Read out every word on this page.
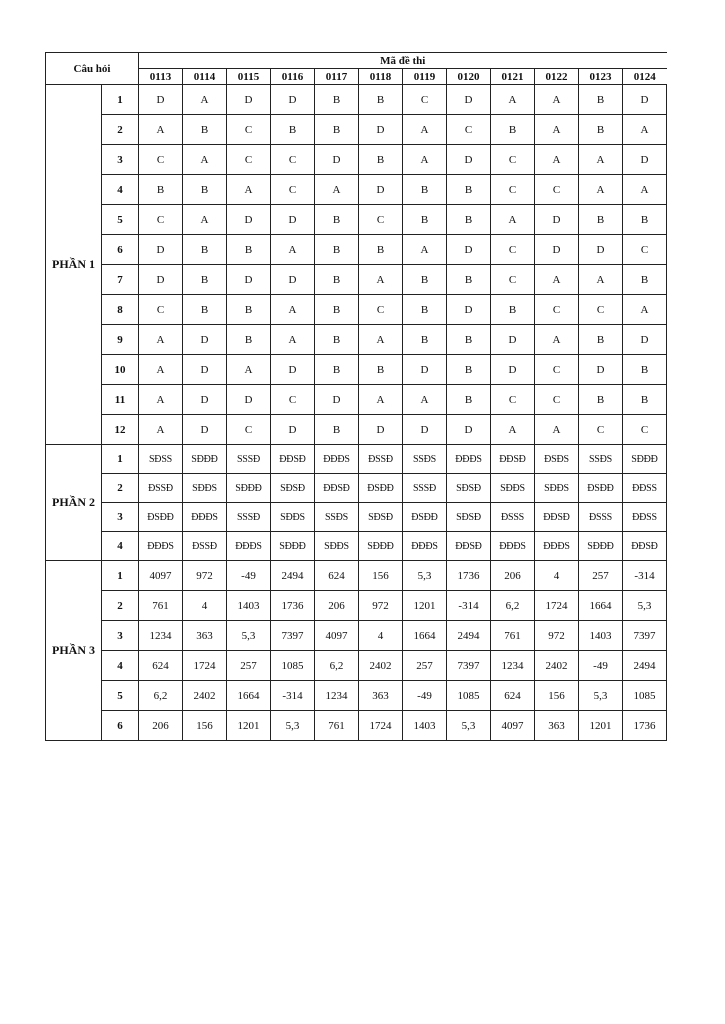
Câu hỏi		Mã đề thi											
		0113	0114	0115	0116	0117	0118	0119	0120	0121	0122	0123	0124
PHẦN 1	1	D	A	D	D	B	B	C	D	A	A	B	D
	2	A	B	C	B	B	D	A	C	B	A	B	A
	3	C	A	C	C	D	B	A	D	C	A	A	D
	4	B	B	A	C	A	D	B	B	C	C	A	A
	5	C	A	D	D	B	C	B	B	A	D	B	B
	6	D	B	B	A	B	B	A	D	C	D	D	C
	7	D	B	D	D	B	A	B	B	C	A	A	B
	8	C	B	B	A	B	C	B	D	B	C	C	A
	9	A	D	B	A	B	A	B	B	D	A	B	D
	10	A	D	A	D	B	B	D	B	D	C	D	B
	11	A	D	D	C	D	A	A	B	C	C	B	B
	12	A	D	C	D	B	D	D	D	A	A	C	C
PHẦN 2	1	SĐSS	SĐĐĐ	SSSĐ	ĐĐSĐ	ĐĐĐS	ĐSSĐ	SSĐS	ĐĐĐS	ĐĐSĐ	ĐSĐS	SSĐS	SĐĐĐ
	2	ĐSSĐ	SĐĐS	SĐĐĐ	SĐSĐ	ĐĐSĐ	ĐSĐĐ	SSSĐ	SĐSĐ	SĐĐS	SĐĐS	ĐSĐĐ	ĐĐSS
	3	ĐSĐĐ	ĐĐĐS	SSSĐ	SĐĐS	SSĐS	SĐSĐ	ĐSĐĐ	SĐSĐ	ĐSSS	ĐĐSĐ	ĐSSS	ĐĐSS
	4	ĐĐĐS	ĐSSĐ	ĐĐĐS	SĐĐĐ	SĐĐS	SĐĐĐ	ĐĐĐS	ĐĐSĐ	ĐĐĐS	ĐĐĐS	SĐĐĐ	ĐĐSĐ
PHẦN 3	1	4097	972	-49	2494	624	156	5,3	1736	206	4	257	-314
	2	761	4	1403	1736	206	972	1201	-314	6,2	1724	1664	5,3
	3	1234	363	5,3	7397	4097	4	1664	2494	761	972	1403	7397
	4	624	1724	257	1085	6,2	2402	257	7397	1234	2402	-49	2494
	5	6,2	2402	1664	-314	1234	363	-49	1085	624	156	5,3	1085
	6	206	156	1201	5,3	761	1724	1403	5,3	4097	363	1201	1736
